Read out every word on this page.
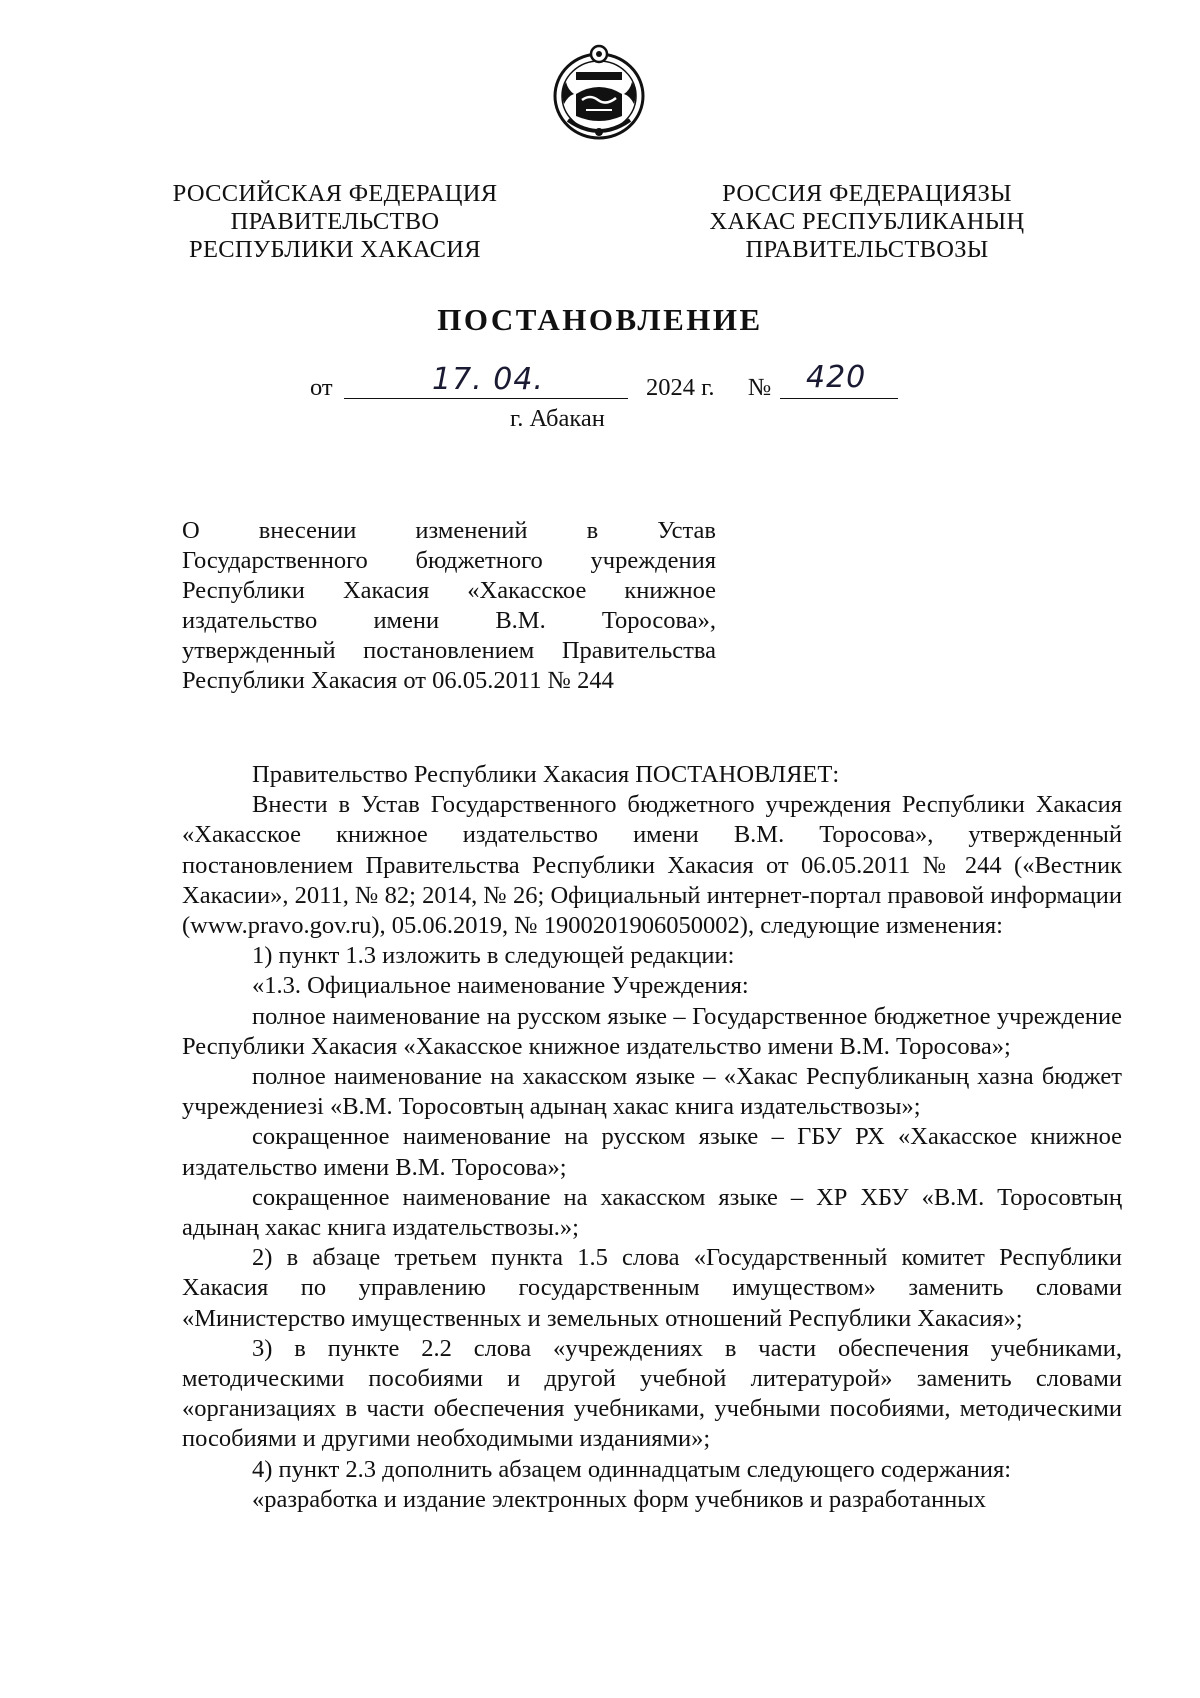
РОССИЙСКАЯ ФЕДЕРАЦИЯ
ПРАВИТЕЛЬСТВО
РЕСПУБЛИКИ ХАКАСИЯ
РОССИЯ ФЕДЕРАЦИЯЗЫ
ХАКАС РЕСПУБЛИКАНЫҢ
ПРАВИТЕЛЬСТВОЗЫ
ПОСТАНОВЛЕНИЕ
от	17. 04.	2024 г. № 420
г. Абакан
О внесении изменений в Устав
Государственного бюджетного учреждения
Республики Хакасия «Хакасское книжное
издательство имени В.М. Торосова»,
утвержденный постановлением Правительства
Республики Хакасия от 06.05.2011 № 244

Правительство Республики Хакасия ПОСТАНОВЛЯЕТ:

Внести в Устав Государственного бюджетного учреждения Республики Хакасия «Хакасское книжное издательство имени В.М. Торосова», утвержденный постановлением Правительства Республики Хакасия от 06.05.2011 № 244 («Вестник Хакасии», 2011, № 82; 2014, № 26; Официальный интернет-портал правовой информации (www.pravo.gov.ru), 05.06.2019, № 1900201906050002), следующие изменения:

1) пункт 1.3 изложить в следующей редакции:

«1.3. Официальное наименование Учреждения:

полное наименование на русском языке – Государственное бюджетное учреждение Республики Хакасия «Хакасское книжное издательство имени В.М. Торосова»;

полное наименование на хакасском языке – «Хакас Республиканың хазна бюджет учреждениезі «В.М. Торосовтың адынаң хакас книга издательствозы»;

сокращенное наименование на русском языке – ГБУ РХ «Хакасское книжное издательство имени В.М. Торосова»;

сокращенное наименование на хакасском языке – ХР ХБУ «В.М. Торосовтың адынаң хакас книга издательствозы.»;

2) в абзаце третьем пункта 1.5 слова «Государственный комитет Республики Хакасия по управлению государственным имуществом» заменить словами «Министерство имущественных и земельных отношений Республики Хакасия»;

3) в пункте 2.2 слова «учреждениях в части обеспечения учебниками, методическими пособиями и другой учебной литературой» заменить словами «организациях в части обеспечения учебниками, учебными пособиями, методическими пособиями и другими необходимыми изданиями»;

4) пункт 2.3 дополнить абзацем одиннадцатым следующего содержания:

«разработка и издание электронных форм учебников и разработанных
